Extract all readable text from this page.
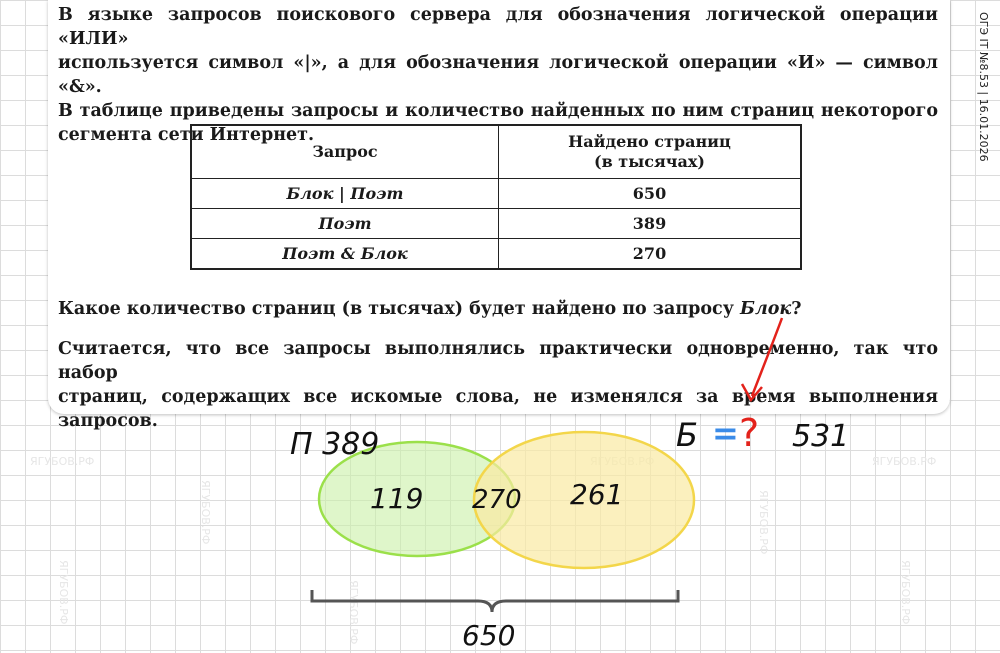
ЯГУБОВ.РФ
ЯГУБОВ.РФ
ЯГУБОВ.РФ
ЯГУБОВ.РФ
ЯГУБОВ.РФ
ЯГУБОВ.РФ	ЯГУБОВ.РФ
ОГЭ IT №8.53 | 16.01.2026

В языке запросов поискового сервера для обозначения логической операции «ИЛИ»
используется символ «|», а для обозначения логической операции «И» — символ «&».
В таблице приведены запросы и количество найденных по ним страниц некоторого
сегмента сети Интернет.

Запрос	Найдено страниц
(в тысячах)
Блок | Поэт	650
Поэт	389
Поэт & Блок	270

Какое количество страниц (в тысячах) будет найдено по запросу Блок?

Считается, что все запросы выполнялись практически одновременно, так что набор
страниц, содержащих все искомые слова, не изменялся за время выполнения
запросов.

П 389	Б = ? 531
119 270 261
650
